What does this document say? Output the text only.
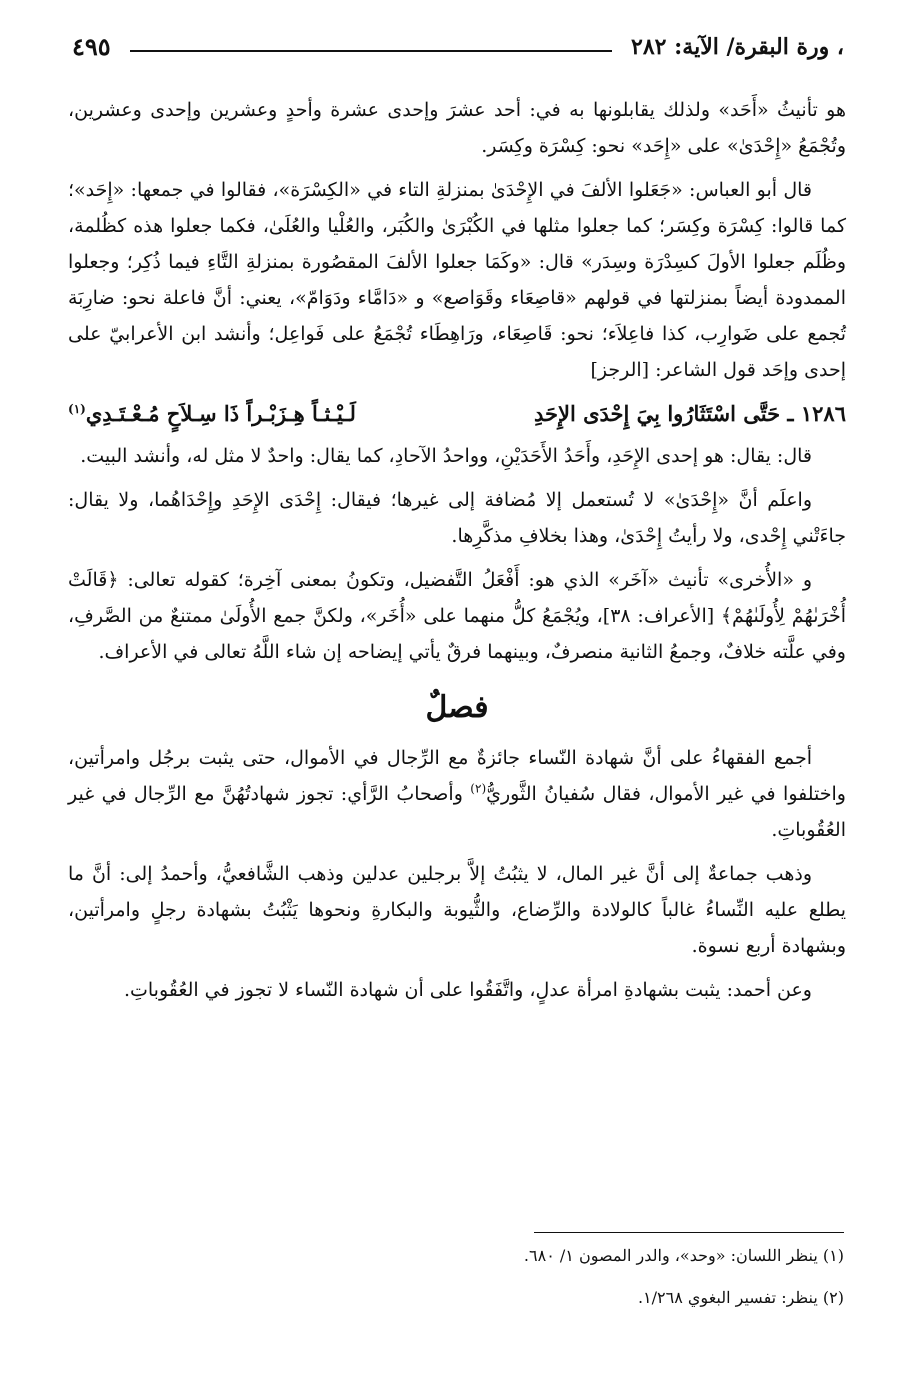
، ورة البقرة/ الآية: ٢٨٢
٤٩٥

هو تأنيثُ «أَحَد» ولذلك يقابلونها به في: أحد عشرَ وإحدى عشرة وأحدٍ وعشرين وإحدى وعشرين، وتُجْمَعُ «إِحْدَىٰ» على «إِحَد» نحو: كِسْرَة وكِسَر.

قال أبو العباس: «جَعَلوا الألفَ في الإِحْدَىٰ بمنزلةِ التاء في «الكِسْرَة»، فقالوا في جمعها: «إِحَد»؛ كما قالوا: كِسْرَة وكِسَر؛ كما جعلوا مثلها في الكُبْرَىٰ والكُبَر، والعُلْيا والعُلَىٰ، فكما جعلوا هذه كظُلمة، وظُلَم جعلوا الأولَ كسِدْرَة وسِدَر» قال: «وكَمَا جعلوا الألفَ المقصُورة بمنزلةِ التَّاءِ فيما ذُكِر؛ وجعلوا الممدودة أيضاً بمنزلتها في قولهم «قاصِعَاء وقَوَاصع» و «دَامَّاء ودَوَامّ»، يعني: أنَّ فاعلة نحو: ضارِبَة تُجمع على ضَوارِب، كذا فاعِلاَء؛ نحو: قَاصِعَاء، ورَاهِطَاء تُجْمَعُ على فَواعِل؛ وأنشد ابن الأعرابيّ على إحدى وإحَد قول الشاعر: [الرجز]

١٢٨٦ ـ حَتَّى اسْتَثَارُوا بِيَ إِحْدَى الإِحَدِ
لَـيْـثـاً هِـزَبْـراً ذَا سِـلاَحٍ مُـعْـتَـدِي$^{(١)}$

قال: يقال: هو إحدى الإِحَدِ، وأَحَدُ الأَحَدَيْنِ، وواحدُ الآحادِ، كما يقال: واحدٌ لا مثل له، وأنشد البيت.

واعلَم أنَّ «إِحْدَىٰ» لا تُستعمل إلا مُضافة إلى غيرها؛ فيقال: إِحْدَى الإِحَدِ وإِحْدَاهُما، ولا يقال: جاءَتْني إِحْدى، ولا رأيتُ إِحْدَىٰ، وهذا بخلافِ مذكَّرِها.

و «الأُخرى» تأنيث «آخَر» الذي هو: أَفْعَلُ التَّفضيل، وتكونُ بمعنى آخِرة؛ كقوله تعالى: ﴿قَالَتْ أُخْرَىٰهُمْ لِأُولَىٰهُمْ﴾ [الأعراف: ٣٨]، ويُجْمَعُ كلُّ منهما على «أُخَر»، ولكنَّ جمع الأُولَىٰ ممتنعٌ من الصَّرفِ، وفي علَّته خلافٌ، وجمعُ الثانية منصرفٌ، وبينهما فرقٌ يأتي إيضاحه إن شاء اللَّهُ تعالى في الأعراف.

فصلٌ

أجمع الفقهاءُ على أنَّ شهادة النّساء جائزةٌ مع الرِّجال في الأموال، حتى يثبت برجُل وامرأتين، واختلفوا في غير الأموال، فقال سُفيانُ الثَّوريُّ$^{(٢)}$ وأصحابُ الرَّأي: تجوز شهادتُهُنَّ مع الرِّجال في غير العُقُوباتِ.

وذهب جماعةٌ إلى أنَّ غير المال، لا يثبُتُ إلاَّ برجلين عدلين وذهب الشَّافعيُّ، وأحمدُ إلى: أنَّ ما يطلع عليه النِّساءُ غالباً كالولادة والرِّضاع، والثُّيوبة والبكارةِ ونحوها يَثْبُتُ بشهادة رجلٍ وامرأتين، وبشهادة أربع نسوة.

وعن أحمد: يثبت بشهادةِ امرأة عدلٍ، واتَّفَقُوا على أن شهادة النّساء لا تجوز في العُقُوباتِ.

(١) ينظر اللسان: «وحد»، والدر المصون ١/ ٦٨٠.
(٢) ينظر: تفسير البغوي ١/٢٦٨.
